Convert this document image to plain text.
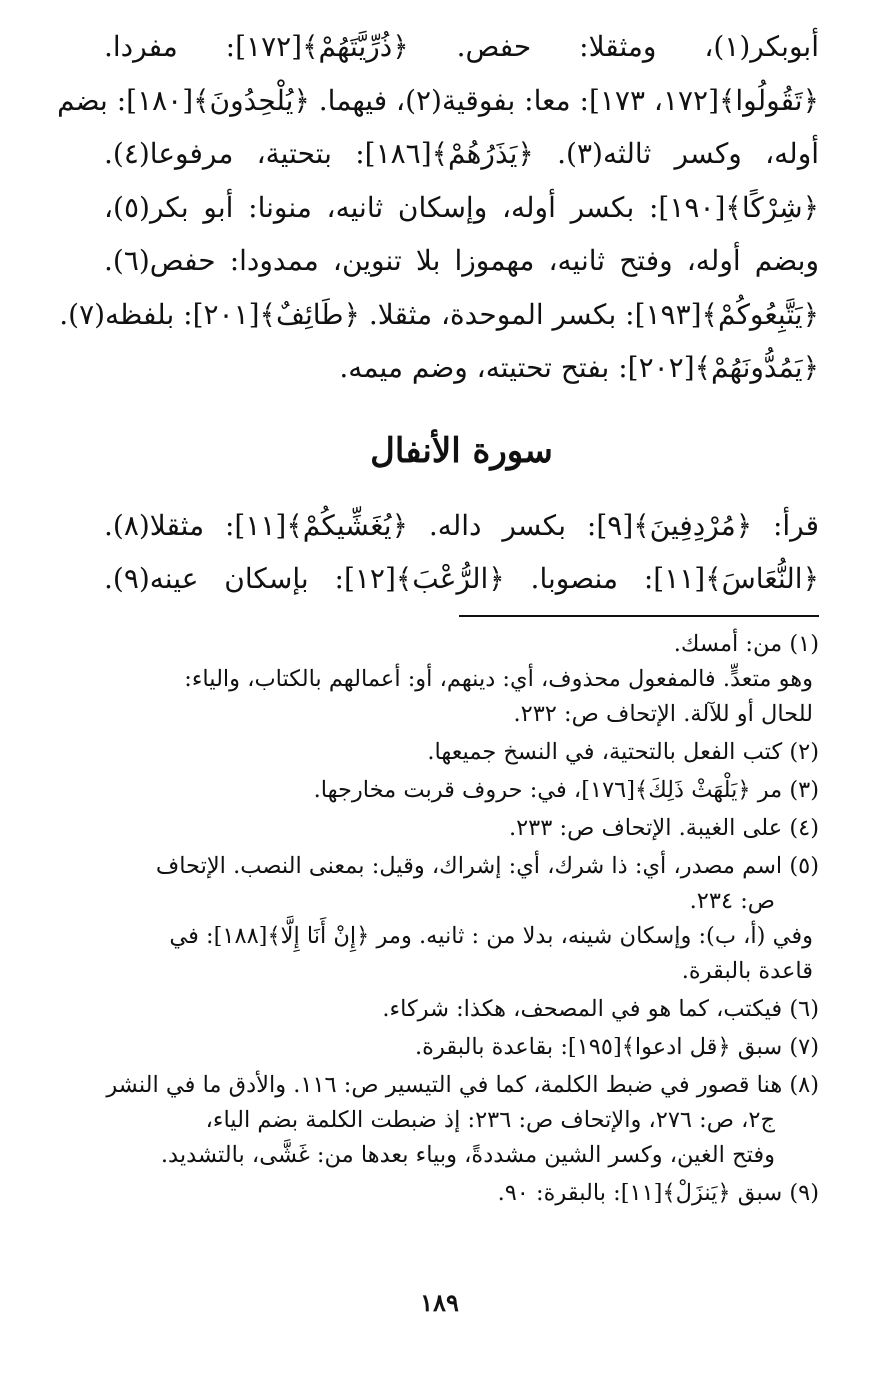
أبوبكر(١)، ومثقلا: حفص. ﴿ذُرِّيَّتَهُمْ﴾[١٧٢]: مفردا.

﴿تَقُولُوا﴾[١٧٢، ١٧٣]: معا: بفوقية(٢)، فيهما. ﴿يُلْحِدُونَ﴾[١٨٠]: بضم

أوله، وكسر ثالثه(٣). ﴿يَذَرُهُمْ﴾[١٨٦]: بتحتية، مرفوعا(٤).

﴿شِرْكًا﴾[١٩٠]: بكسر أوله، وإسكان ثانيه، منونا: أبو بكر(٥)،

وبضم أوله، وفتح ثانيه، مهموزا بلا تنوين، ممدودا: حفص(٦).

﴿يَتَّبِعُوكُمْ﴾[١٩٣]: بكسر الموحدة، مثقلا. ﴿طَائِفٌ﴾[٢٠١]: بلفظه(٧).

﴿يَمُدُّونَهُمْ﴾[٢٠٢]: بفتح تحتيته، وضم ميمه.

سورة الأنفال

قرأ: ﴿مُرْدِفِينَ﴾[٩]: بكسر داله. ﴿يُغَشِّيكُمْ﴾[١١]: مثقلا(٨).

﴿النُّعَاسَ﴾[١١]: منصوبا. ﴿الرُّعْبَ﴾[١٢]: بإسكان عينه(٩).

(١) من: أمسك.
وهو متعدٍّ. فالمفعول محذوف، أي: دينهم، أو: أعمالهم بالكتاب، والياء:
للحال أو للآلة. الإتحاف ص: ٢٣٢.
(٢) كتب الفعل بالتحتية، في النسخ جميعها.
(٣) مر ﴿يَلْهَثْ ذَلِكَ﴾[١٧٦]، في: حروف قربت مخارجها.
(٤) على الغيبة. الإتحاف ص: ٢٣٣.
(٥) اسم مصدر، أي: ذا شرك، أي: إشراك، وقيل: بمعنى النصب. الإتحاف
ص: ٢٣٤.
وفي (أ، ب): وإسكان شينه، بدلا من : ثانيه. ومر ﴿إِنْ أَنَا إِلَّا﴾[١٨٨]: في
قاعدة بالبقرة.
(٦) فيكتب، كما هو في المصحف، هكذا: شركاء.
(٧) سبق ﴿قل ادعوا﴾[١٩٥]: بقاعدة بالبقرة.
(٨) هنا قصور في ضبط الكلمة، كما في التيسير ص: ١١٦. والأدق ما في النشر
ج٢، ص: ٢٧٦، والإتحاف ص: ٢٣٦: إذ ضبطت الكلمة بضم الياء،
وفتح الغين، وكسر الشين مشددةً، وبياء بعدها من: غَشَّى، بالتشديد.
(٩) سبق ﴿يَنزَلْ﴾[١١]: بالبقرة: ٩٠.
١٨٩
